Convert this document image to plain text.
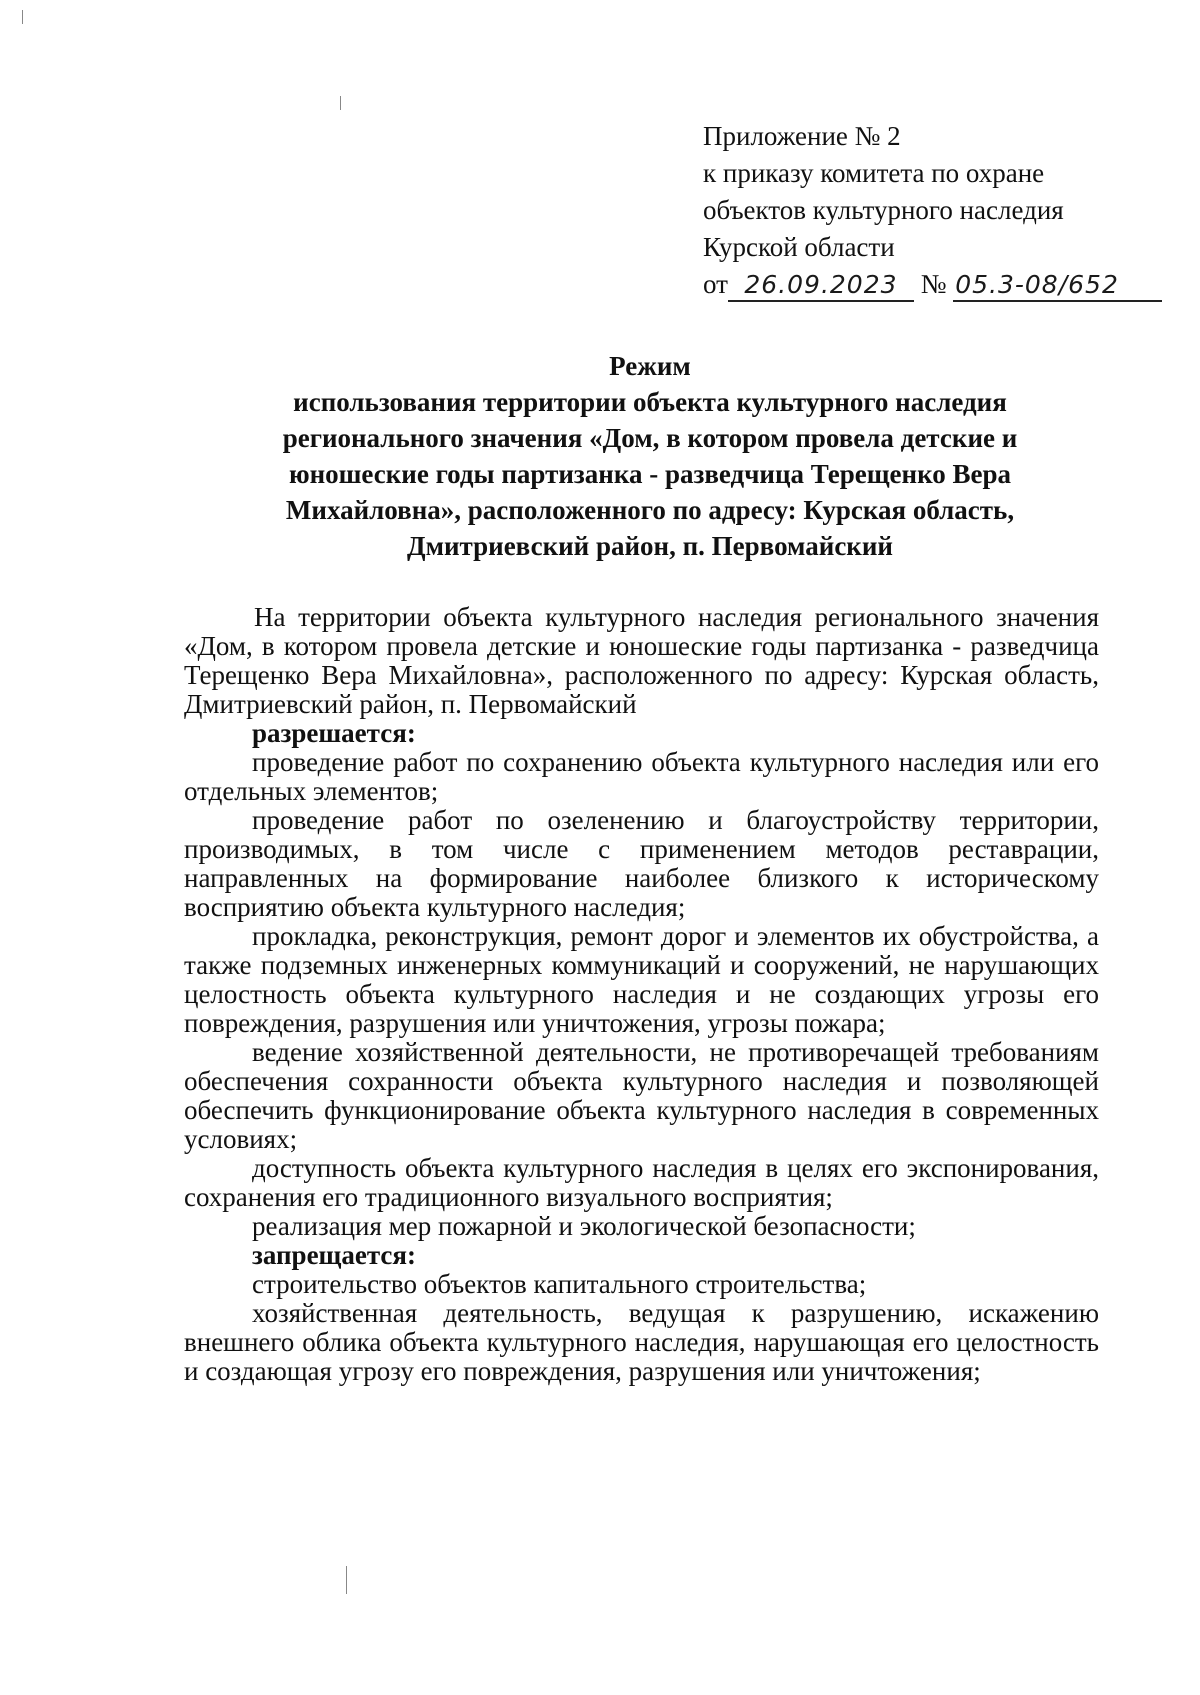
Приложение № 2
к приказу комитета по охране
объектов культурного наследия
Курской области
от 26.09.2023 № 05.3-08/652
Режим
использования территории объекта культурного наследия
регионального значения «Дом, в котором провела детские и
юношеские годы партизанка - разведчица Терещенко Вера
Михайловна», расположенного по адресу: Курская область,
Дмитриевский район, п. Первомайский

На территории объекта культурного наследия регионального значения «Дом, в котором провела детские и юношеские годы партизанка - разведчица Терещенко Вера Михайловна», расположенного по адресу: Курская область, Дмитриевский район, п. Первомайский

разрешается:

проведение работ по сохранению объекта культурного наследия или его отдельных элементов;

проведение работ по озеленению и благоустройству территории, производимых, в том числе с применением методов реставрации, направленных на формирование наиболее близкого к историческому восприятию объекта культурного наследия;

прокладка, реконструкция, ремонт дорог и элементов их обустройства, а также подземных инженерных коммуникаций и сооружений, не нарушающих целостность объекта культурного наследия и не создающих угрозы его повреждения, разрушения или уничтожения, угрозы пожара;

ведение хозяйственной деятельности, не противоречащей требованиям обеспечения сохранности объекта культурного наследия и позволяющей обеспечить функционирование объекта культурного наследия в современных условиях;

доступность объекта культурного наследия в целях его экспонирования, сохранения его традиционного визуального восприятия;

реализация мер пожарной и экологической безопасности;

запрещается:

строительство объектов капитального строительства;

хозяйственная деятельность, ведущая к разрушению, искажению внешнего облика объекта культурного наследия, нарушающая его целостность и создающая угрозу его повреждения, разрушения или уничтожения;
